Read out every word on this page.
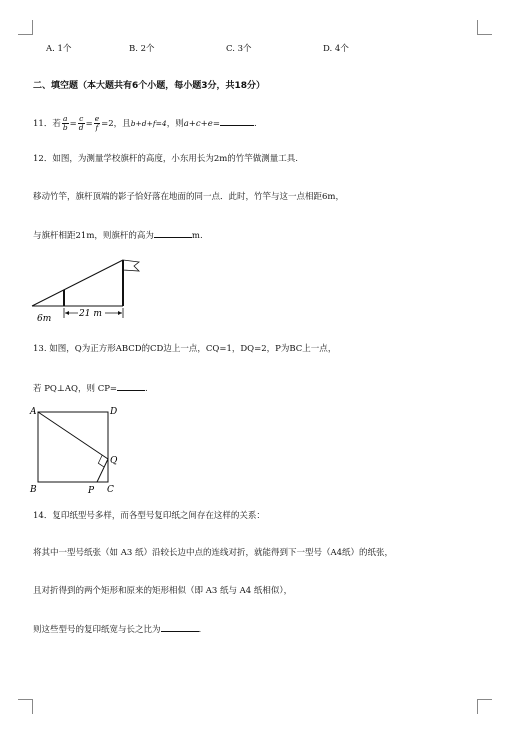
A. 1个	B. 2个	C. 3个	D. 4个
二、填空题（本大题共有6个小题，每小题3分，共18分）
11．若 $\frac{a}{b} = \frac{c}{d} = \frac{e}{f} =2$，且b+d+f=4，则a+c+e=	.
12．如图，为测量学校旗杆的高度，小东用长为2m的竹竿做测量工具.
移动竹竿，旗杆顶端的影子恰好落在地面的同一点．此时，竹竿与这一点相距6m，
与旗杆相距21m，则旗杆的高为	m.
6m	21 m
13. 如图，Q为正方形ABCD的CD边上一点，CQ=1，DQ=2，P为BC上一点，
若 PQ⊥AQ，则 CP=	.
A	D
B	C
P
Q
14．复印纸型号多样，而各型号复印纸之间存在这样的关系：
将其中一型号纸张（如 A3 纸）沿较长边中点的连线对折，就能得到下一型号（A4纸）的纸张，
且对折得到的两个矩形和原来的矩形相似（即 A3 纸与 A4 纸相似），
则这些型号的复印纸宽与长之比为	.
